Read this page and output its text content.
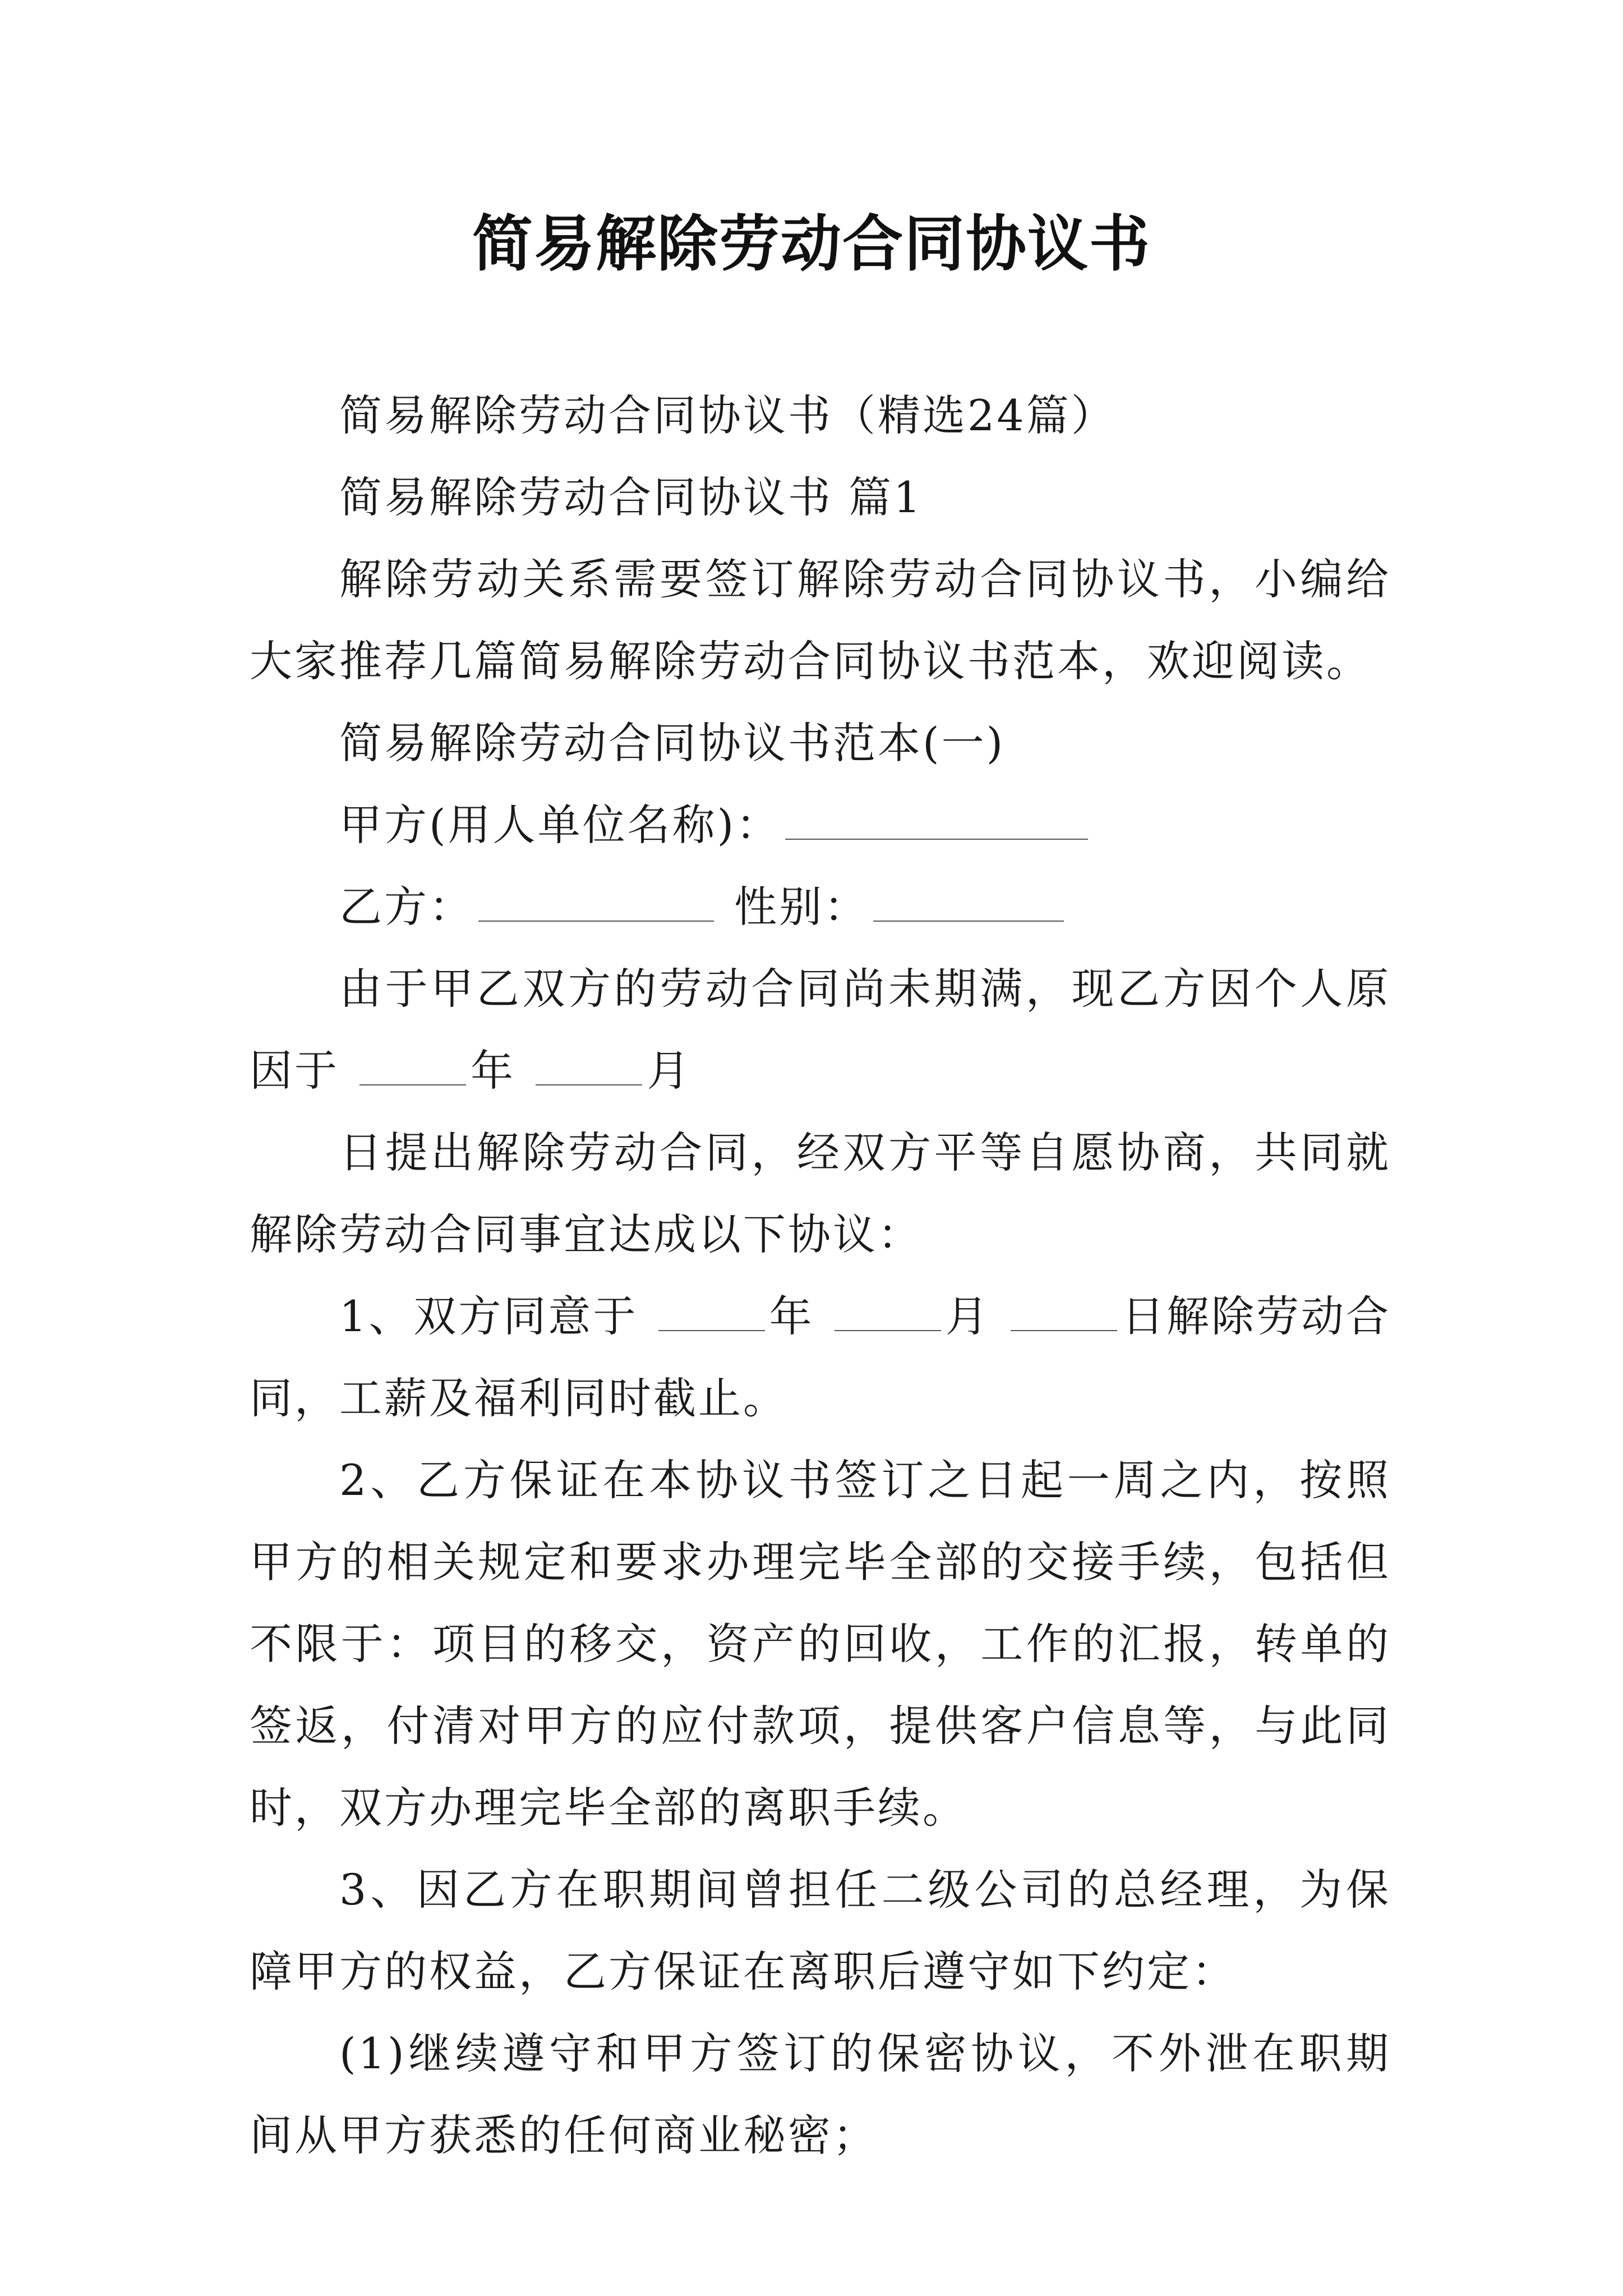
简易解除劳动合同协议书

简易解除劳动合同协议书（精选24篇）

简易解除劳动合同协议书 篇1

解除劳动关系需要签订解除劳动合同协议书，小编给大家推荐几篇简易解除劳动合同协议书范本，欢迎阅读。

简易解除劳动合同协议书范本(一)

甲方(用人单位名称)：

乙方：	性别：

由于甲乙双方的劳动合同尚未期满，现乙方因个人原因于	年	月

日提出解除劳动合同，经双方平等自愿协商，共同就解除劳动合同事宜达成以下协议：

1、双方同意于	年	月	日解除劳动合同，工薪及福利同时截止。

2、乙方保证在本协议书签订之日起一周之内，按照甲方的相关规定和要求办理完毕全部的交接手续，包括但不限于：项目的移交，资产的回收，工作的汇报，转单的签返，付清对甲方的应付款项，提供客户信息等，与此同时，双方办理完毕全部的离职手续。

3、因乙方在职期间曾担任二级公司的总经理，为保障甲方的权益，乙方保证在离职后遵守如下约定：

(1)继续遵守和甲方签订的保密协议，不外泄在职期间从甲方获悉的任何商业秘密；
